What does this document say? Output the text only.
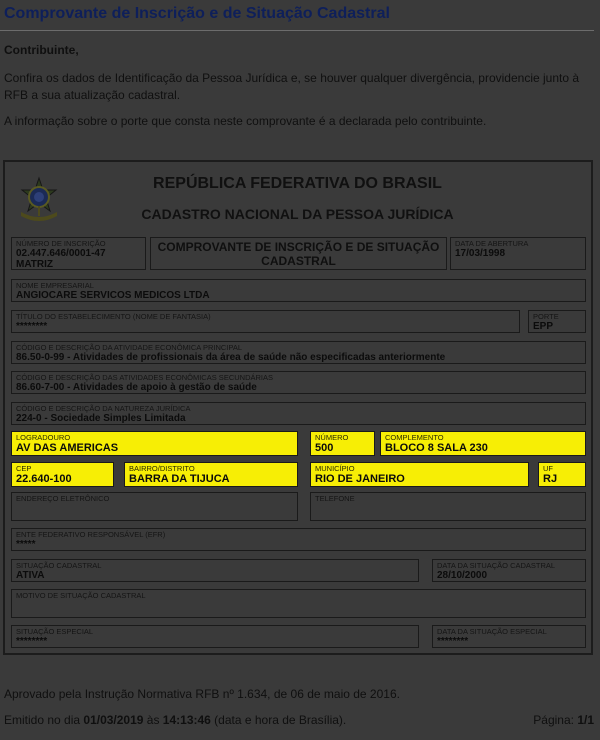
Comprovante de Inscrição e de Situação Cadastral
Contribuinte,
Confira os dados de Identificação da Pessoa Jurídica e, se houver qualquer divergência, providencie junto à RFB a sua atualização cadastral.
A informação sobre o porte que consta neste comprovante é a declarada pelo contribuinte.
REPÚBLICA FEDERATIVA DO BRASIL
CADASTRO NACIONAL DA PESSOA JURÍDICA
NÚMERO DE INSCRIÇÃO
02.447.646/0001-47
MATRIZ
COMPROVANTE DE INSCRIÇÃO E DE SITUAÇÃO CADASTRAL
DATA DE ABERTURA
17/03/1998
NOME EMPRESARIAL
ANGIOCARE SERVICOS MEDICOS LTDA
TÍTULO DO ESTABELECIMENTO (NOME DE FANTASIA)
********
PORTE
EPP
CÓDIGO E DESCRIÇÃO DA ATIVIDADE ECONÔMICA PRINCIPAL
86.50-0-99 - Atividades de profissionais da área de saúde não especificadas anteriormente
CÓDIGO E DESCRIÇÃO DAS ATIVIDADES ECONÔMICAS SECUNDÁRIAS
86.60-7-00 - Atividades de apoio à gestão de saúde
CÓDIGO E DESCRIÇÃO DA NATUREZA JURÍDICA
224-0 - Sociedade Simples Limitada
LOGRADOURO
AV DAS AMERICAS
NÚMERO
500
COMPLEMENTO
BLOCO 8 SALA 230
CEP
22.640-100
BAIRRO/DISTRITO
BARRA DA TIJUCA
MUNICÍPIO
RIO DE JANEIRO
UF
RJ
ENDEREÇO ELETRÔNICO	TELEFONE
ENTE FEDERATIVO RESPONSÁVEL (EFR)
*****
SITUAÇÃO CADASTRAL
ATIVA
DATA DA SITUAÇÃO CADASTRAL
28/10/2000
MOTIVO DE SITUAÇÃO CADASTRAL
SITUAÇÃO ESPECIAL
********
DATA DA SITUAÇÃO ESPECIAL
********
Aprovado pela Instrução Normativa RFB nº 1.634, de 06 de maio de 2016.
Emitido no dia 01/03/2019 às 14:13:46 (data e hora de Brasília).	Página: 1/1
